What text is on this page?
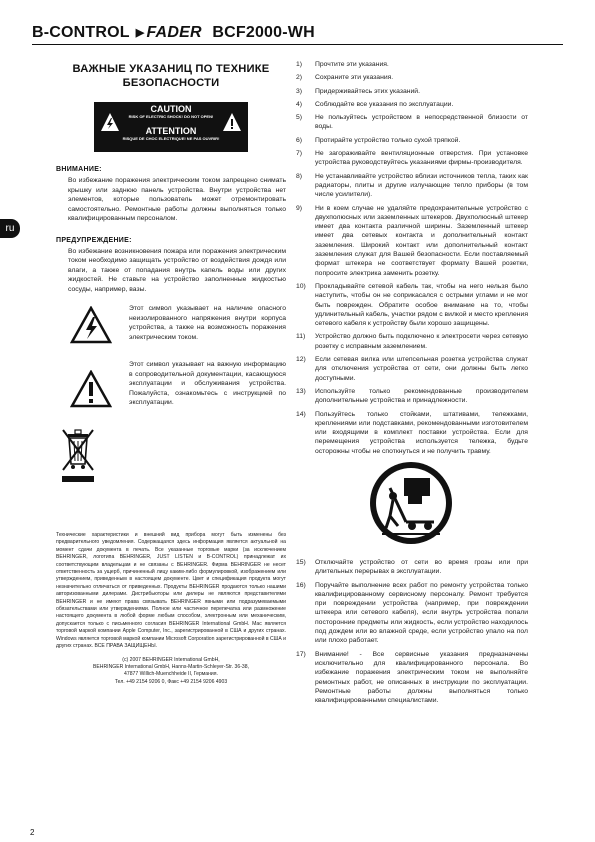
B-CONTROL ▶ FADER BCF2000-WH
ru
ВАЖНЫЕ УКАЗАНИЦ ПО ТЕХНИКЕ БЕЗОПАСНОСТИ
CAUTION
RISK OF ELECTRIC SHOCK! DO NOT OPEN!
ATTENTION
RISQUE DE CHOC ELECTRIQUE! NE PAS OUVRIR!
ВНИМАНИЕ:
Во избежание поражения электрическим током запрещено снимать крышку или заднюю панель устройства. Внутри устройства нет элементов, которые пользователь может отремонтировать самостоятельно. Ремонтные работы должны выполняться только квалифицированным персоналом.
ПРЕДУПРЕЖДЕНИЕ:
Во избежание возникновения пожара или поражения электрическим током необходимо защищать устройство от воздействия дождя или влаги, а также от попадания внутрь капель воды или других жидкостей. Не ставьте на устройство заполненные жидкостью сосуды, например, вазы.
Этот символ указывает на наличие опасного неизолированного напряжения внутри корпуса устройства, а также на возможность поражения электрическим током.
Этот символ указывает на важную информацию в сопроводительной документации, касающуюся эксплуатации и обслуживания устройства. Пожалуйста, ознакомьтесь с инструкцией по эксплуатации.
Технические характеристики и внешний вид прибора могут быть изменены без предварительного уведомления. Содержащаяся здесь информация является актуальной на момент сдачи документа в печать. Все указанные торговые марки (за исключением BEHRINGER, логотипа BEHRINGER, JUST LISTEN и B-CONTROL) принадлежат их соответствующим владельцам и не связаны с BEHRINGER. Фирма BEHRINGER не несет ответственность за ущерб, причиненный лицу каким-либо формулировкой, изображением или утверждением, приведенным в настоящем документе. Цвет и спецификация продукта могут незначительно отличаться от приведенных. Продукты BEHRINGER продаются только нашими авторизованными дилерами. Дистрибьюторы или дилеры не являются представителями BEHRINGER и не имеют права связывать BEHRINGER явными или подразумеваемыми обязательствами или утверждениями. Полное или частичное перепечатка или размножение настоящего документа в любой форме любым способом, электронным или механическим, допускается только с письменного согласия BEHRINGER International GmbH. Mac является торговой маркой компании Apple Computer, Inc., зарегистрированной в США и других странах. Windows является торговой маркой компании Microsoft Corporation зарегистрированной в США и других странах. ВСЕ ПРАВА ЗАЩИЩЕНЫ.
(c) 2007 BEHRINGER International GmbH,
BEHRINGER International GmbH, Hanns-Martin-Schleyer-Str. 36-38,
47877 Willich-Muenchheide II, Германия.
Тел. +49 2154 9206 0, Факс +49 2154 9206 4903
1) Прочтите эти указания.
2) Сохраните эти указания.
3) Придерживайтесь этих указаний.
4) Соблюдайте все указания по эксплуатации.
5) Не пользуйтесь устройством в непосредственной близости от воды.
6) Протирайте устройство только сухой тряпкой.
7) Не загораживайте вентиляционные отверстия. При установке устройства руководствуйтесь указаниями фирмы-производителя.
8) Не устанавливайте устройство вблизи источников тепла, таких как радиаторы, плиты и другие излучающие тепло приборы (в том числе усилители).
9) Ни в коем случае не удаляйте предохранительные устройство с двухполюсных или заземленных штекеров. Двухполюсный штекер имеет два контакта различной ширины. Заземленный штекер имеет два сетевых контакта и дополнительный контакт заземления. Широкий контакт или дополнительный контакт заземления служат для Вашей безопасности. Если поставляемый формат штекера не соответствует формату Вашей розетки, попросите электрика заменить розетку.
10) Прокладывайте сетевой кабель так, чтобы на него нельзя было наступить, чтобы он не соприкасался с острыми углами и не мог быть поврежден. Обратите особое внимание на то, чтобы удлинительный кабель, участки рядом с вилкой и место крепления сетевого кабеля к устройству были хорошо защищены.
11) Устройство должно быть подключено к электросети через сетевую розетку с исправным заземлением.
12) Если сетевая вилка или штепсельная розетка устройства служат для отключения устройства от сети, они должны быть легко доступными.
13) Используйте только рекомендованные производителем дополнительные устройства и принадлежности.
14) Пользуйтесь только стойками, штативами, тележками, креплениями или подставками, рекомендованными изготовителем или входящими в комплект поставки устройства. Если для перемещения устройства используется тележка, будьте осторожны чтобы не споткнуться и не получить травму.
15) Отключайте устройство от сети во время грозы или при длительных перерывах в эксплуатации.
16) Поручайте выполнение всех работ по ремонту устройства только квалифицированному сервисному персоналу. Ремонт требуется при повреждении устройства (например, при повреждении штекера или сетевого кабеля), если внутрь устройства попали посторонние предметы или жидкость, если устройство находилось под дождем или во влажной среде, если устройство упало на пол или плохо работает.
17) Внимание! - Все сервисные указания предназначены исключительно для квалифицированного персонала. Во избежание поражения электрическим током не выполняйте ремонтных работ, не описанных в инструкции по эксплуатации. Ремонтные работы должны выполняться только квалифицированными специалистами.
2
